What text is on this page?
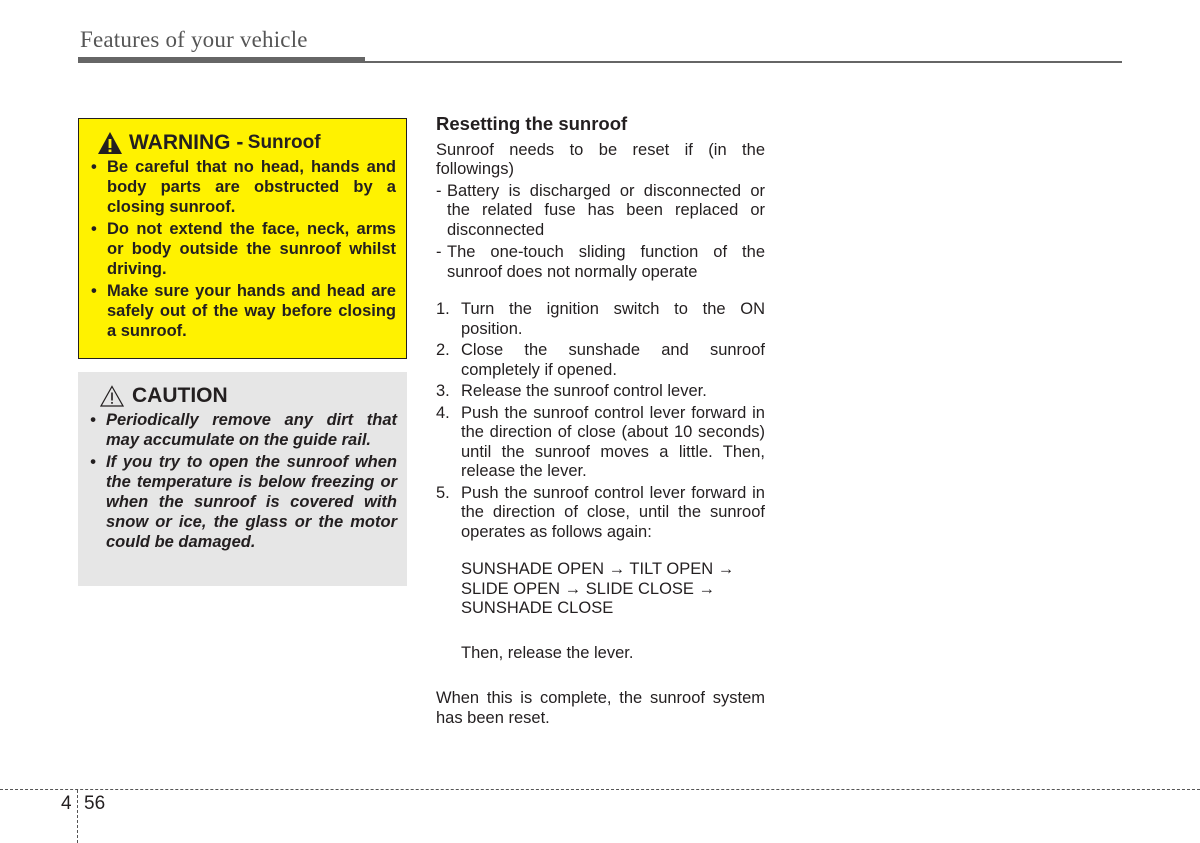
Features of your vehicle
WARNING -
Sunroof
• Be careful that no head, hands and body parts are obstructed by a closing sunroof.
• Do not extend the face, neck, arms or body outside the sunroof whilst driving.
• Make sure your hands and head are safely out of the way before closing a sunroof.
CAUTION
• Periodically remove any dirt that may accumulate on the guide rail.
• If you try to open the sunroof when the temperature is below freezing or when the sunroof is covered with snow or ice, the glass or the motor could be damaged.
Resetting the sunroof

Sunroof needs to be reset if (in the followings)

- Battery is discharged or disconnected or the related fuse has been replaced or disconnected
- The one-touch sliding function of the sunroof does not normally operate
1. Turn the ignition switch to the ON position.
2. Close the sunshade and sunroof completely if opened.
3. Release the sunroof control lever.
4. Push the sunroof control lever forward in the direction of close (about 10 seconds) until the sunroof moves a little. Then, release the lever.
5. Push the sunroof control lever forward in the direction of close, until the sunroof operates as follows again:
SUNSHADE OPEN → TILT OPEN →
SLIDE OPEN → SLIDE CLOSE →
SUNSHADE CLOSE
Then, release the lever.

When this is complete, the sunroof system has been reset.

4 56
